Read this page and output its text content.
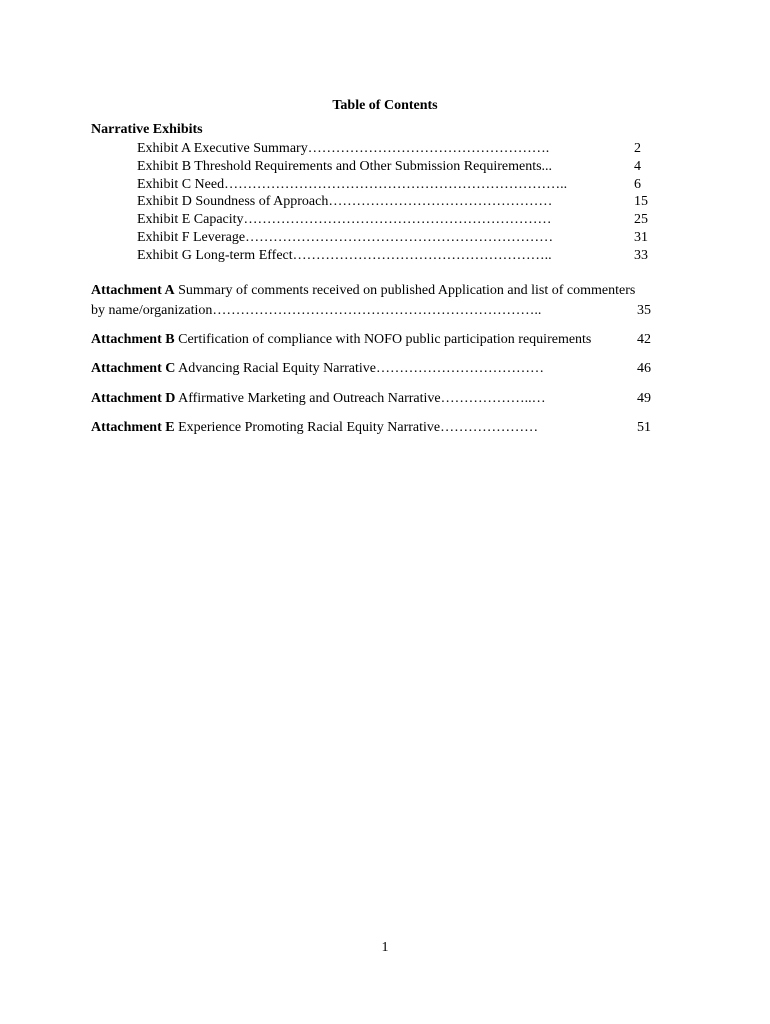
Table of Contents
Narrative Exhibits
Exhibit A Executive Summary…………………………………………….	2
Exhibit B Threshold Requirements and Other Submission Requirements...	4
Exhibit C Need………………………………………………………………..	6
Exhibit D Soundness of Approach…………………………………………	15
Exhibit E Capacity…………………………………………………………	25
Exhibit F Leverage…………………………………………………………	31
Exhibit G Long-term Effect………………………………………………..	33
Attachment A Summary of comments received on published Application and list of commenters
by name/organization……………………………………………………………..	35
Attachment B Certification of compliance with NOFO public participation requirements	42
Attachment C Advancing Racial Equity Narrative………………………………	46
Attachment D Affirmative Marketing and Outreach Narrative………………..…	49
Attachment E Experience Promoting Racial Equity Narrative…………………	51
1
